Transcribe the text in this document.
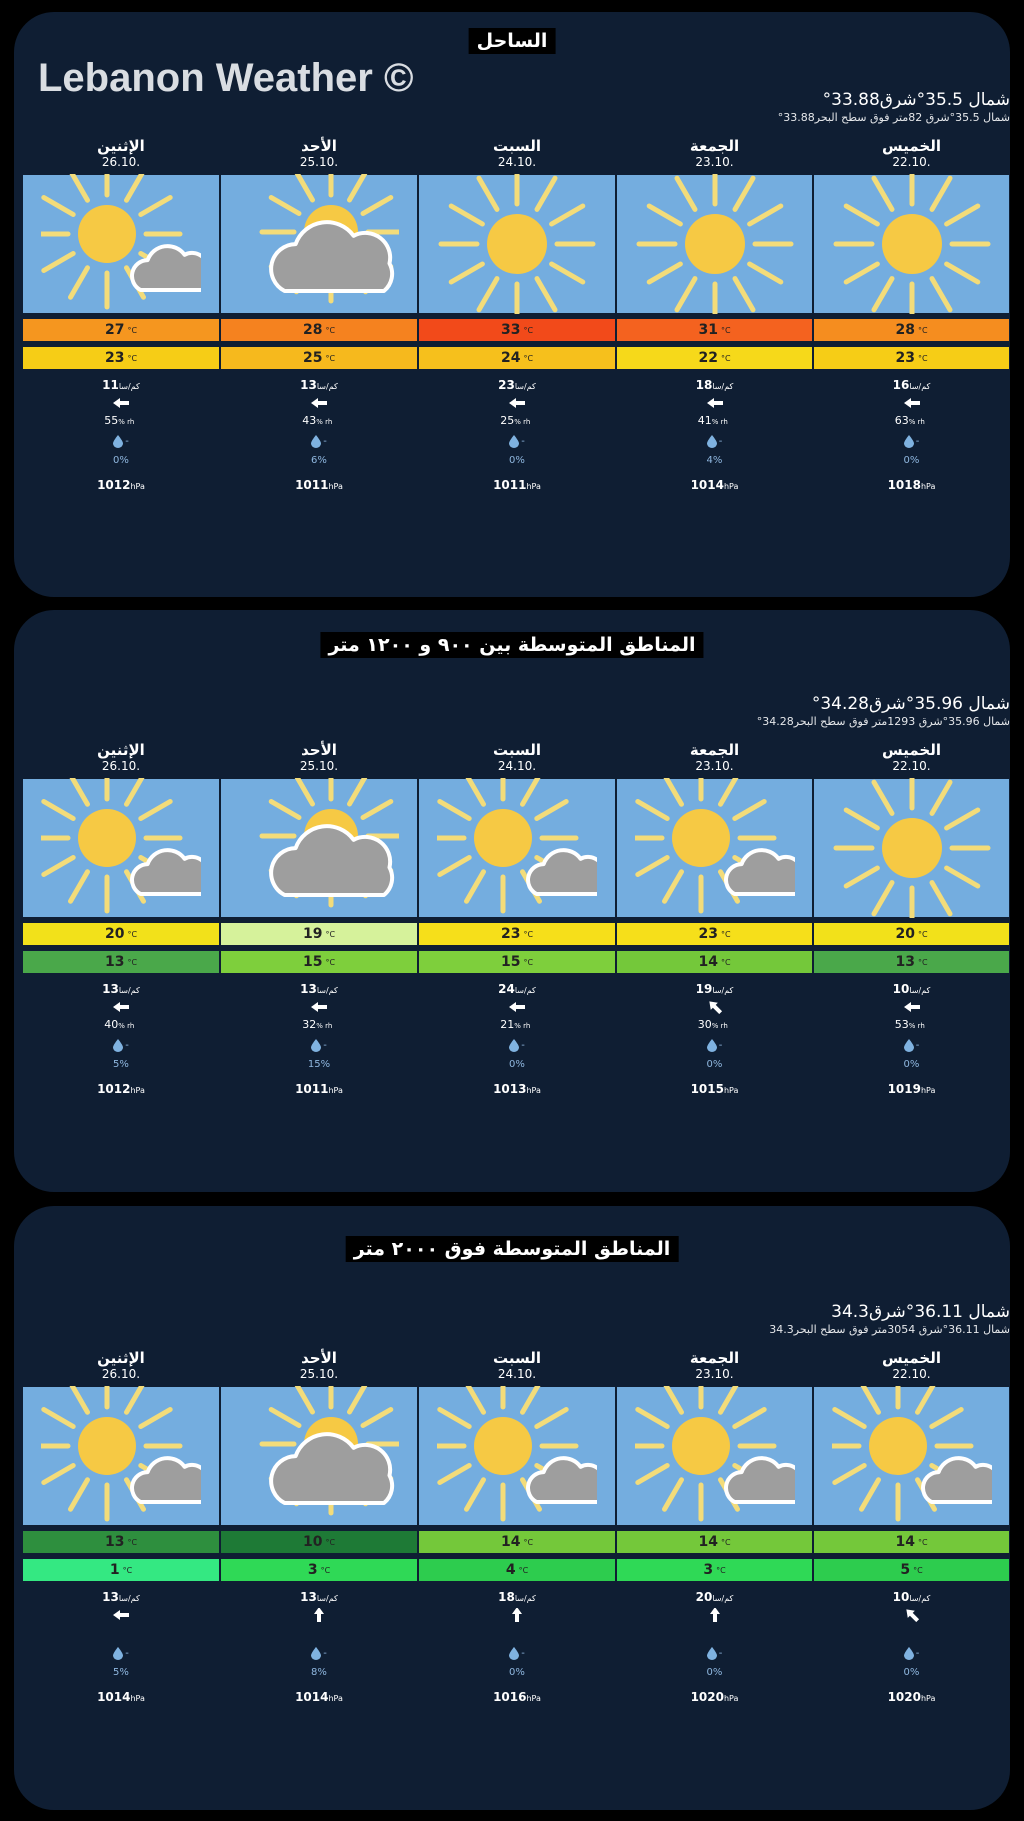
الساحل
Lebanon Weather ©	°33.88شمال 35.5°شرق
°33.88شمال 35.5°شرق 82متر فوق سطح البحر
الخميس
22.10.
28 °C
23 °C
16كم/سا
63% rh
-
0%
1018hPa
الجمعة
23.10.
31 °C
22 °C
18كم/سا
41% rh
-
4%
1014hPa
السبت
24.10.
33 °C
24 °C
23كم/سا
25% rh
-
0%
1011hPa
الأحد
25.10.
28 °C
25 °C
13كم/سا
43% rh
-
6%
1011hPa
الإثنين
26.10.
27 °C
23 °C
11كم/سا
55% rh
-
0%
1012hPa
المناطق المتوسطة بين ٩٠٠ و ١٢٠٠ متر
°34.28شمال 35.96°شرق
°34.28شمال 35.96°شرق 1293متر فوق سطح البحر
الخميس
22.10.
20 °C
13 °C
10كم/سا
53% rh
-
0%
1019hPa
الجمعة
23.10.
23 °C
14 °C
19كم/سا
30% rh
-
0%
1015hPa
السبت
24.10.
23 °C
15 °C
24كم/سا
21% rh
-
0%
1013hPa
الأحد
25.10.
19 °C
15 °C
13كم/سا
32% rh
-
15%
1011hPa
الإثنين
26.10.
20 °C
13 °C
13كم/سا
40% rh
-
5%
1012hPa
المناطق المتوسطة فوق ٢٠٠٠ متر
34.3شمال 36.11°شرق
34.3شمال 36.11°شرق 3054متر فوق سطح البحر
الخميس
22.10.
14 °C
5 °C
10كم/سا

-
0%
1020hPa
الجمعة
23.10.
14 °C
3 °C
20كم/سا

-
0%
1020hPa
السبت
24.10.
14 °C
4 °C
18كم/سا

-
0%
1016hPa
الأحد
25.10.
10 °C
3 °C
13كم/سا

-
8%
1014hPa
الإثنين
26.10.
13 °C
1 °C
13كم/سا

-
5%
1014hPa
